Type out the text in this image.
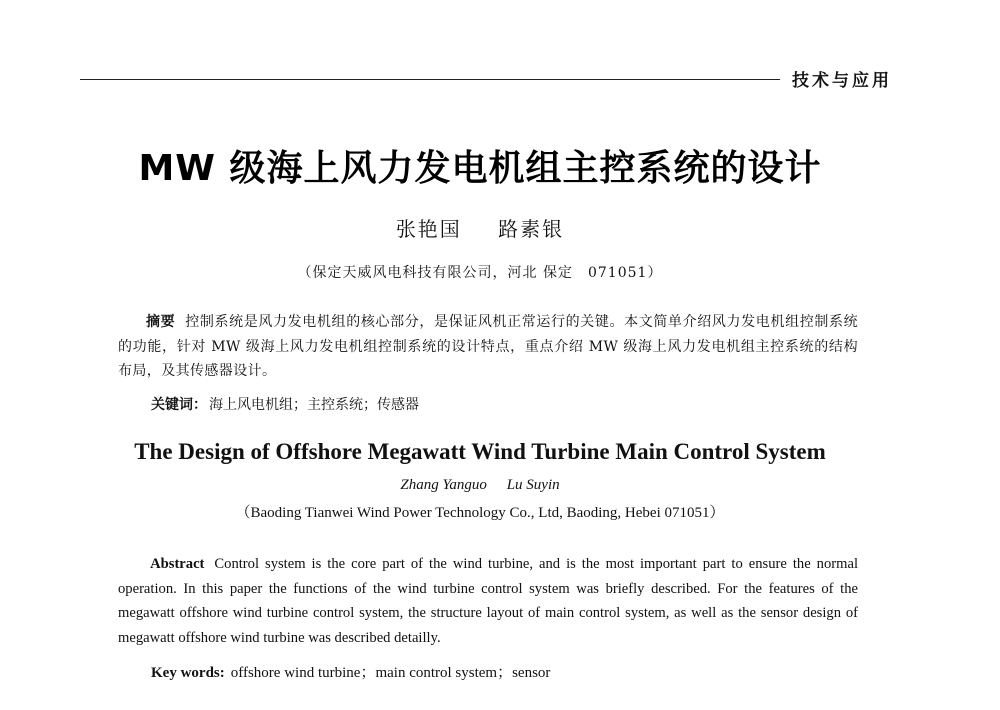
技术与应用
MW 级海上风力发电机组主控系统的设计
张艳国 路素银
（保定天威风电科技有限公司，河北 保定　071051）

摘要 控制系统是风力发电机组的核心部分，是保证风机正常运行的关键。本文简单介绍风力发电机组控制系统的功能，针对 MW 级海上风力发电机组控制系统的设计特点，重点介绍 MW 级海上风力发电机组主控系统的结构布局，及其传感器设计。

关键词： 海上风电机组；主控系统；传感器
The Design of Offshore Megawatt Wind Turbine Main Control System
Zhang Yanguo Lu Suyin
（Baoding Tianwei Wind Power Technology Co., Ltd, Baoding, Hebei 071051）

Abstract Control system is the core part of the wind turbine, and is the most important part to ensure the normal operation. In this paper the functions of the wind turbine control system was briefly described. For the features of the megawatt offshore wind turbine control system, the structure layout of main control system, as well as the sensor design of megawatt offshore wind turbine was described detailly.

Key words: offshore wind turbine；main control system；sensor
